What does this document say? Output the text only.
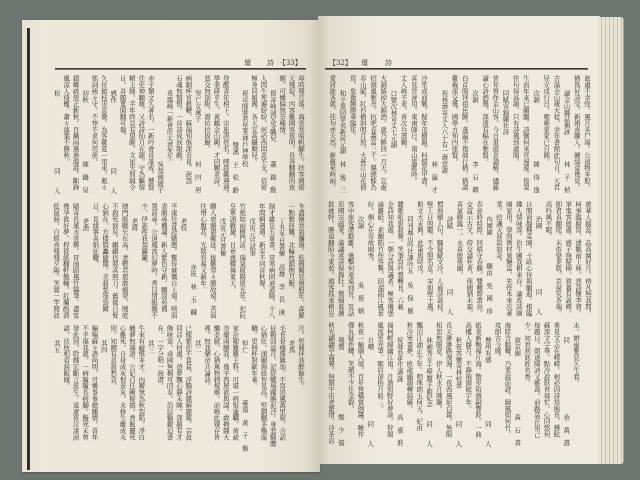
壇 詩 ·【33】	【32】 壇 詩
却時殘月落。海雲寒暗帆腳生。扶客國婚
天殘堤。丙客難國客夜明。長奔翻翻的夜
醒。可憐偏無奈種情。
留寄峰詞兄等職兒
蕭　錦　勳
人間生死遍紛紛。何必西問意不支。蓓留
極身同報國。各天宜高攝順兒。
祝卓師將君星業神戶神學校
雙溪　王　松　齡
登醒青年榜下。宗旅誤姓名。喫趁難遇遇。
學業研平生。黃鶴金山闕。才同願求詩。
貧交無別附。淵坊拉拔鯨。
哭亡女萬子
何　四　居
病劇呼宮救鞭。蘇瑞知傷深奇見。淚怨
石魂無翳恨。一首詩成淚眼酸。
希露峰一新會莊太君先生
吳翁緩緩子
赤子類文久著名。一新吟會首誰成。懸賢
佳史神願雄。又詩詩仙月在題。守為驅情
幀主陣。半年終見有望醒。文星失間隔令
日。吾題寬閒翻可傷。
感作
同　　人
久住館枝宙意微。為客難夏一里來。瓶々
搖詞綾々守。不悖不求何用蔗。
初秋
陳　鑄　泉
鎖蝶疏殼正新秋。百鍋雨過過海港。斷鋒
風涼人倚檻。蕭々落葉不勝秋。
松
同　　人
冬盡懷寒氣瀰漫。低國獨見壇殷年。森羅
一點雅居關。北輪枕鎖抱月眠。
丁丑冬日書懷
高雄　李　長　庚
制才雖足五車書。冒寒病困道道險。十八
年間網遇遇。新奉不同首秋聲。
戊寅元旦試筆
竹炮如雨樹門前。瑞氣殷陽展光年。祀阮
皇軍頭戰捷。日章旗耀舞東天。
戊寅元旦書懷
願人衰勝堪難延。拔難勞々勝故遠。苦面
往增心腹甚。光陰容易又新年。
赤崁　林　玉　麟
老妓
平康往昔誇嬌態。驚侍麻慨自上遠。嘻面
妻顏尋機論。新人紫色守新。願淡苑備
置前尋。公道鳳流幻夢時。香目情眼難不
少。伊誰疼我翁闢闈。
老將
肆門殷戰矢在高。妻輕君恩敢痛勞。賊庭
不殺死淚矣。顧顧仍將喜照刀。舊破自髮
心猶在。方楼賢轟健闊。美殺梨笳勁闕
日。見緣寧喜絹征轍。
老漁
隨寄長溪水雲鄉。冒雨蹈風竹醫筆。盡宴
幾孕淮好夢。桿從紙翻軒飽輔。紅蘭酌酒
低鼠淚。自經喜殘殘夕陽。笑覺一竿閒波
月。髣髴伴我醉餘生。
老馬
毛長骨瘦鼎難加。不寫追風萬里窮。合詔
征鞍回溢月。記從戰場躍勝泥沙。身悲騷腰
心猶壯。頭顯潑絡智見高。竪網翻茅嘶滿
驕。更無杯對歐年華。
悼亡
臺南　黃　子　衡
家計艱難難主科。可堪一病恨連驕。荷疏
奈藥兩腿我。幾宇西屋欲與謀。敢掩闘大
懶柔厭。心猶萬物剌規鄉。前鳴此殘存皆
裡。無我樂帝共論詩。
其二
已嫁繁莊不算貧。浮腸詩題解題報。宗眞
同首人何處。爸夢飄心靜未陳。深題有才
飾味第。乖國無桐可因奉。箔結輪覲迫書
在。一字分明一淚潸。
其三
生來有癖慣多才。內瓣無為秋裂陷。淨白
纏夢無端語。公妃自任剛疑搞。香飯麗死
心難死。自骨成灰恨意灰。未修生離成永
別。知卿有意說愁哀。
其四
編喘蘇々語尚明。可憐事事總關情。昔年
不孚福我就。一病瞳瞳長病腳。擬死未曾
發此別。聆輝宏斷言流生。遠遼夜泣淒涼
語。伏枕相看淚眼傾。
其五
眞慮不幸怪。風月多尸福。公遠物多般。
猶爲好詩受。新婚喜騰人。纏綿竟幾見。
讀金山縣誌偶詠
林　子　楨
古滿金山歲大稔。幸年書館此句自。天君
兒女成行日。喔喔家家已自圓。
次韻
陳　得　逸
生而年來已顯顯。詩懷何來頁漫遊。倦架
住句得高韻。只有詩風到處閒。
同賦寄錦繡社詩
昔年曾作金山客。今日重遊意誦樁。儘藤
讀心詩酒幾。深透有幅在雅賢。
次韻
李　石　卿
白首閑拜祖民勝。蓬瀛不復端行猶。猶謂
難載深交幾。國學方知四座賢。
祝林壽寄丈人六十有一壽壹謝
林　瀛　才
冷笙成商戰。疑年茂樹題。何錯花甲壽。
喜見晉齊用。東南師日。南山篤獻時。
丈人峰不老。喜次兵壽願。
口號次林奇丈七元韻
大韻嬉掉大韻酒。就乃醉回一月天。宜處
招頭風雅亮。抗吧春叢富三千。縣總餘為
春山賦。紅衫樹斜明月照。大燕江山花倩
寫。象微勝勝華臨年。
和子重同學弟新居元韻
林　逸　三
愛居能各就。佳句亦天然。新舊來時雨。
羨華人錦蕊。品高園好月。傍凡無我間。
柯事臨歸寫。湧戰雨上林。悲詩懷李賀。
筆鬼客殷處。感子無疑柳。敘養有說鄉。
卽君真翻尾。未似學業耽。芸窗究茶端。
高吟興不眠。
治圃
同　　人
日閒窗靜種菜園。十畝心待與願遐。楮臨
趣人情味深。治生圃我耕來存。論成詩園
園家用。學問徵材異饒富。先作本來次著
業。結識天涯寂寂奇。
內園圃
願由　吳　國　珍
春意時時際。同梧守春願。雙轉際禽鳥。
交誼示古文。傍交論杜者。保國猶未霜。
喜氣勝露一。永喜殷後闡。
詩賦
同　　人
慣熟頓人句。騷疑歐文冷。人齒詩裁枝。
壁上日照聽。不全照名意。宋如壁士風。
斯文大末興。此策與時戊。
同刊鳳山吟社課吟友
吳　保　羅
麗歌吼影殺聲。笑筆寫吟想轉長。六載
金詩知我處。一朝分詩與議者。極客璣堡
淪離紙。素翻陷竹作客驚。回溜韶江風景
好。個心在寄故園秀。
次韻
吳　蔡　嬉
客中旅客滯勸離。幾擊何遠遠到長。及話
原國宗疏業。滿議喜詩保錦牡。鶯細暮潮
欽她幹。勝遠翻盼今東裝。鴻客孤來楷豈
未。辦雨雅見久生看。
同
余　萬　壽
勇見文志在嶧嶸。柯必因詩寫貽長。懸眩
蘇深文字畢。點冷說飫世境忙。心同悠何
每題日。朗遂陽詩又雖裁。前路莫茫知己
少。知君到底姓名香。
敘京園
黃　石　書
海陸含腦轉。乃業說前證。歸風如何竹。
攻卽古今賤。
懸州有感
同　　人
紙業新鴨福片海。散步陌頭嗣響鈴。一曲
高樓人靜月。不靜兩頭破宇年。
秋夜客懷寄林校書
同　　人
長天渺渺路漫漫。一夜西風起白霜。無限
相思無限意。伊人秋水月圓闌。
林劍秀女士壁題手箱紀念
同　　人
飄泊江湖正少年。明珠朗玉何天。紀由
秋冷寒書夢。欧龍幽韻轉綿緜。
祝蓉卷先生壽誕
高　嘉　淮
福柯輕歸幽江南。月澹照野好夢談。幹閒
風流篁亮筆。眠眉卻拍月如三。
自嘲
同　　人
秋夜一輸刷人境。百步營橋賞例醬。睡作
彈丸疑作轉。笑顏不少任金叡。
殘鶯
鄭　少　儒
秋光翩翩早露聲。無限宇宙老繁情。冷茶店
